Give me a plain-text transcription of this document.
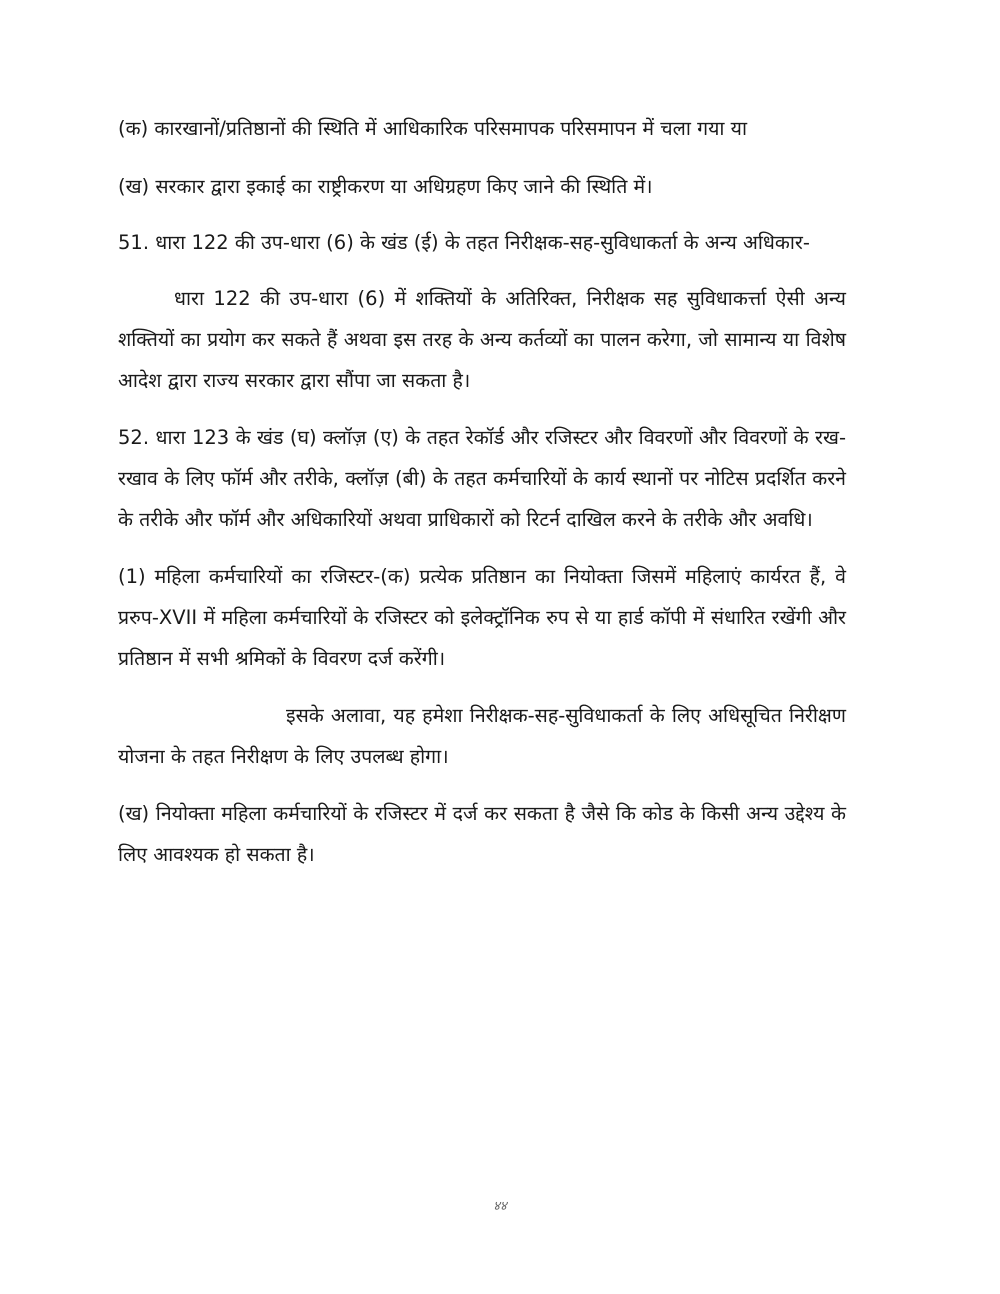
(क) कारखानों/प्रतिष्ठानों की स्थिति में आधिकारिक परिसमापक परिसमापन में चला गया या

(ख) सरकार द्वारा इकाई का राष्ट्रीकरण या अधिग्रहण किए जाने की स्थिति में।

51. धारा 122 की उप-धारा (6) के खंड (ई) के तहत निरीक्षक-सह-सुविधाकर्ता के अन्य अधिकार-

धारा 122 की उप-धारा (6) में शक्तियों के अतिरिक्त, निरीक्षक सह सुविधाकर्त्ता ऐसी अन्य शक्तियों का प्रयोग कर सकते हैं अथवा इस तरह के अन्य कर्तव्यों का पालन करेगा, जो सामान्य या विशेष आदेश द्वारा राज्य सरकार द्वारा सौंपा जा सकता है।

52. धारा 123 के खंड (घ) क्लॉज़ (ए) के तहत रेकॉर्ड और रजिस्टर और विवरणों और विवरणों के रख-रखाव के लिए फॉर्म और तरीके, क्लॉज़ (बी) के तहत कर्मचारियों के कार्य स्थानों पर नोटिस प्रदर्शित करने के तरीके और फॉर्म और अधिकारियों अथवा प्राधिकारों को रिटर्न दाखिल करने के तरीके और अवधि।

(1) महिला कर्मचारियों का रजिस्टर-(क) प्रत्येक प्रतिष्ठान का नियोक्ता जिसमें महिलाएं कार्यरत हैं, वे प्ररुप-XVII में महिला कर्मचारियों के रजिस्टर को इलेक्ट्रॉनिक रुप से या हार्ड कॉपी में संधारित रखेंगी और प्रतिष्ठान में सभी श्रमिकों के विवरण दर्ज करेंगी।

इसके अलावा, यह हमेशा निरीक्षक-सह-सुविधाकर्ता के लिए अधिसूचित निरीक्षण योजना के तहत निरीक्षण के लिए उपलब्ध होगा।

(ख) नियोक्ता महिला कर्मचारियों के रजिस्टर में दर्ज कर सकता है जैसे कि कोड के किसी अन्य उद्देश्य के लिए आवश्यक हो सकता है।

४४
